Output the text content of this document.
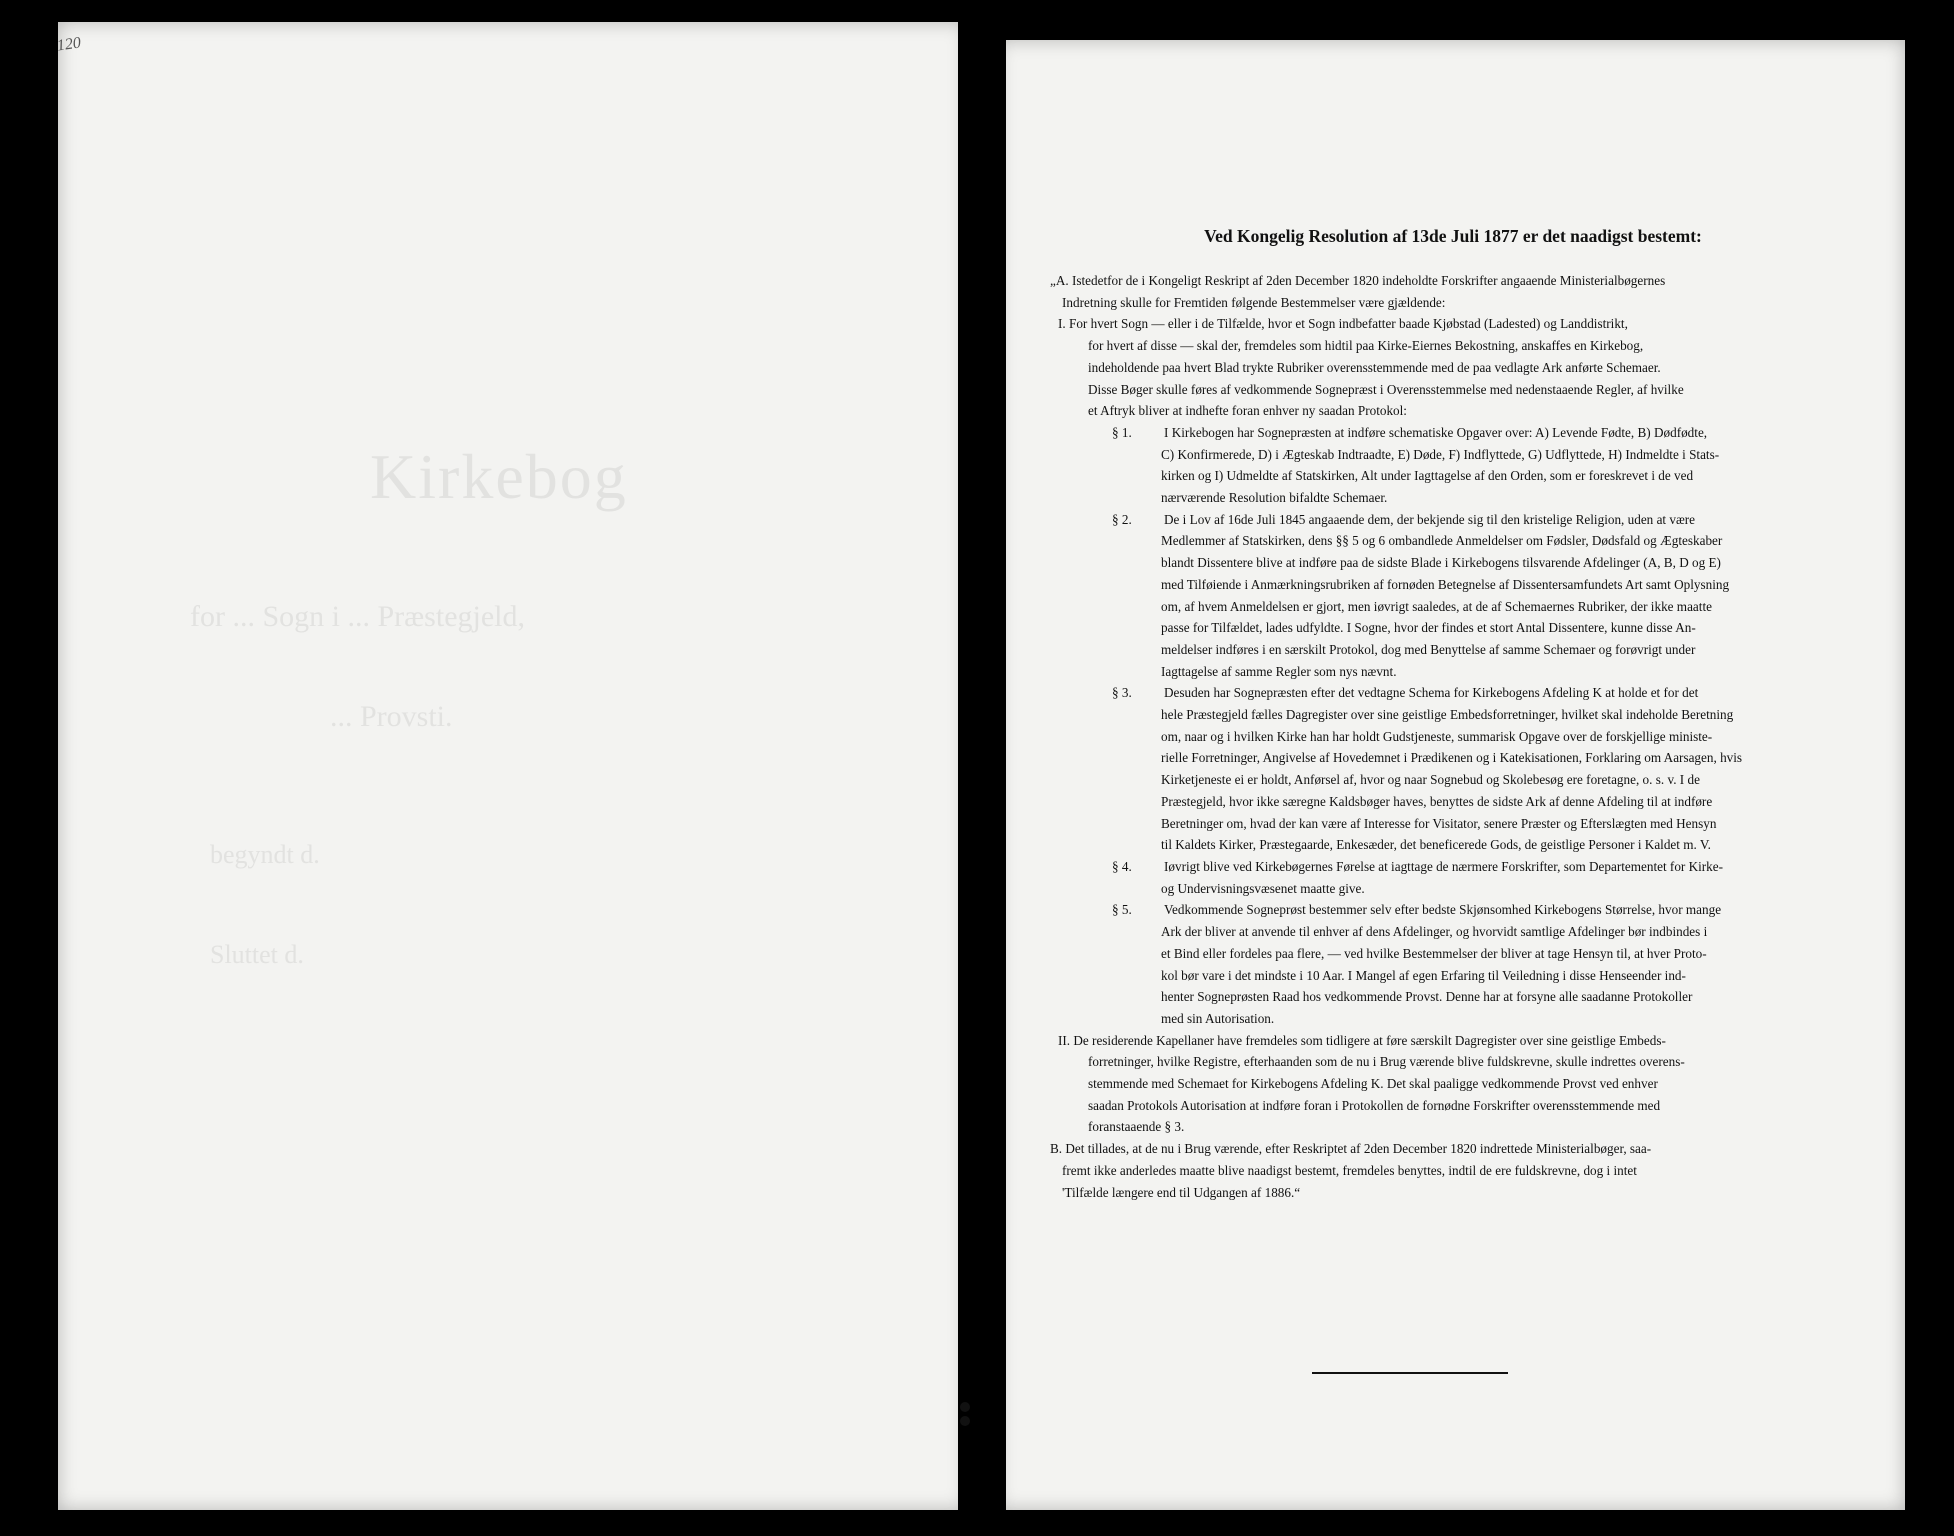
120
Kirkebog
for ... Sogn i ... Præstegjeld,
... Provsti.
begyndt d.
Sluttet d.
Ved Kongelig Resolution af 13de Juli 1877 er det naadigst bestemt:
„A. Istedetfor de i Kongeligt Reskript af 2den December 1820 indeholdte Forskrifter angaaende Ministerialbøgernes
Indretning skulle for Fremtiden følgende Bestemmelser være gjældende:
I. For hvert Sogn — eller i de Tilfælde, hvor et Sogn indbefatter baade Kjøbstad (Ladested) og Landdistrikt,
for hvert af disse — skal der, fremdeles som hidtil paa Kirke-Eiernes Bekostning, anskaffes en Kirkebog,
indeholdende paa hvert Blad trykte Rubriker overensstemmende med de paa vedlagte Ark anførte Schemaer.
Disse Bøger skulle føres af vedkommende Sognepræst i Overensstemmelse med nedenstaaende Regler, af hvilke
et Aftryk bliver at indhefte foran enhver ny saadan Protokol:
§ 1. I Kirkebogen har Sognepræsten at indføre schematiske Opgaver over: A) Levende Fødte, B) Dødfødte,
C) Konfirmerede, D) i Ægteskab Indtraadte, E) Døde, F) Indflyttede, G) Udflyttede, H) Indmeldte i Stats-
kirken og I) Udmeldte af Statskirken, Alt under Iagttagelse af den Orden, som er foreskrevet i de ved
nærværende Resolution bifaldte Schemaer.
§ 2. De i Lov af 16de Juli 1845 angaaende dem, der bekjende sig til den kristelige Religion, uden at være
Medlemmer af Statskirken, dens §§ 5 og 6 ombandlede Anmeldelser om Fødsler, Dødsfald og Ægteskaber
blandt Dissentere blive at indføre paa de sidste Blade i Kirkebogens tilsvarende Afdelinger (A, B, D og E)
med Tilføiende i Anmærkningsrubriken af fornøden Betegnelse af Dissentersamfundets Art samt Oplysning
om, af hvem Anmeldelsen er gjort, men iøvrigt saaledes, at de af Schemaernes Rubriker, der ikke maatte
passe for Tilfældet, lades udfyldte. I Sogne, hvor der findes et stort Antal Dissentere, kunne disse An-
meldelser indføres i en særskilt Protokol, dog med Benyttelse af samme Schemaer og forøvrigt under
Iagttagelse af samme Regler som nys nævnt.
§ 3. Desuden har Sognepræsten efter det vedtagne Schema for Kirkebogens Afdeling K at holde et for det
hele Præstegjeld fælles Dagregister over sine geistlige Embedsforretninger, hvilket skal indeholde Beretning
om, naar og i hvilken Kirke han har holdt Gudstjeneste, summarisk Opgave over de forskjellige ministe-
rielle Forretninger, Angivelse af Hovedemnet i Prædikenen og i Katekisationen, Forklaring om Aarsagen, hvis
Kirketjeneste ei er holdt, Anførsel af, hvor og naar Sognebud og Skolebesøg ere foretagne, o. s. v. I de
Præstegjeld, hvor ikke særegne Kaldsbøger haves, benyttes de sidste Ark af denne Afdeling til at indføre
Beretninger om, hvad der kan være af Interesse for Visitator, senere Præster og Efterslægten med Hensyn
til Kaldets Kirker, Præstegaarde, Enkesæder, det beneficerede Gods, de geistlige Personer i Kaldet m. V.
§ 4. Iøvrigt blive ved Kirkebøgernes Førelse at iagttage de nærmere Forskrifter, som Departementet for Kirke-
og Undervisningsvæsenet maatte give.
§ 5. Vedkommende Sogneprøst bestemmer selv efter bedste Skjønsomhed Kirkebogens Størrelse, hvor mange
Ark der bliver at anvende til enhver af dens Afdelinger, og hvorvidt samtlige Afdelinger bør indbindes i
et Bind eller fordeles paa flere, — ved hvilke Bestemmelser der bliver at tage Hensyn til, at hver Proto-
kol bør vare i det mindste i 10 Aar. I Mangel af egen Erfaring til Veiledning i disse Henseender ind-
henter Sogneprøsten Raad hos vedkommende Provst. Denne har at forsyne alle saadanne Protokoller
med sin Autorisation.
II. De residerende Kapellaner have fremdeles som tidligere at føre særskilt Dagregister over sine geistlige Embeds-
forretninger, hvilke Registre, efterhaanden som de nu i Brug værende blive fuldskrevne, skulle indrettes overens-
stemmende med Schemaet for Kirkebogens Afdeling K. Det skal paaligge vedkommende Provst ved enhver
saadan Protokols Autorisation at indføre foran i Protokollen de fornødne Forskrifter overensstemmende med
foranstaaende § 3.
B. Det tillades, at de nu i Brug værende, efter Reskriptet af 2den December 1820 indrettede Ministerialbøger, saa-
fremt ikke anderledes maatte blive naadigst bestemt, fremdeles benyttes, indtil de ere fuldskrevne, dog i intet
'Tilfælde længere end til Udgangen af 1886.“
